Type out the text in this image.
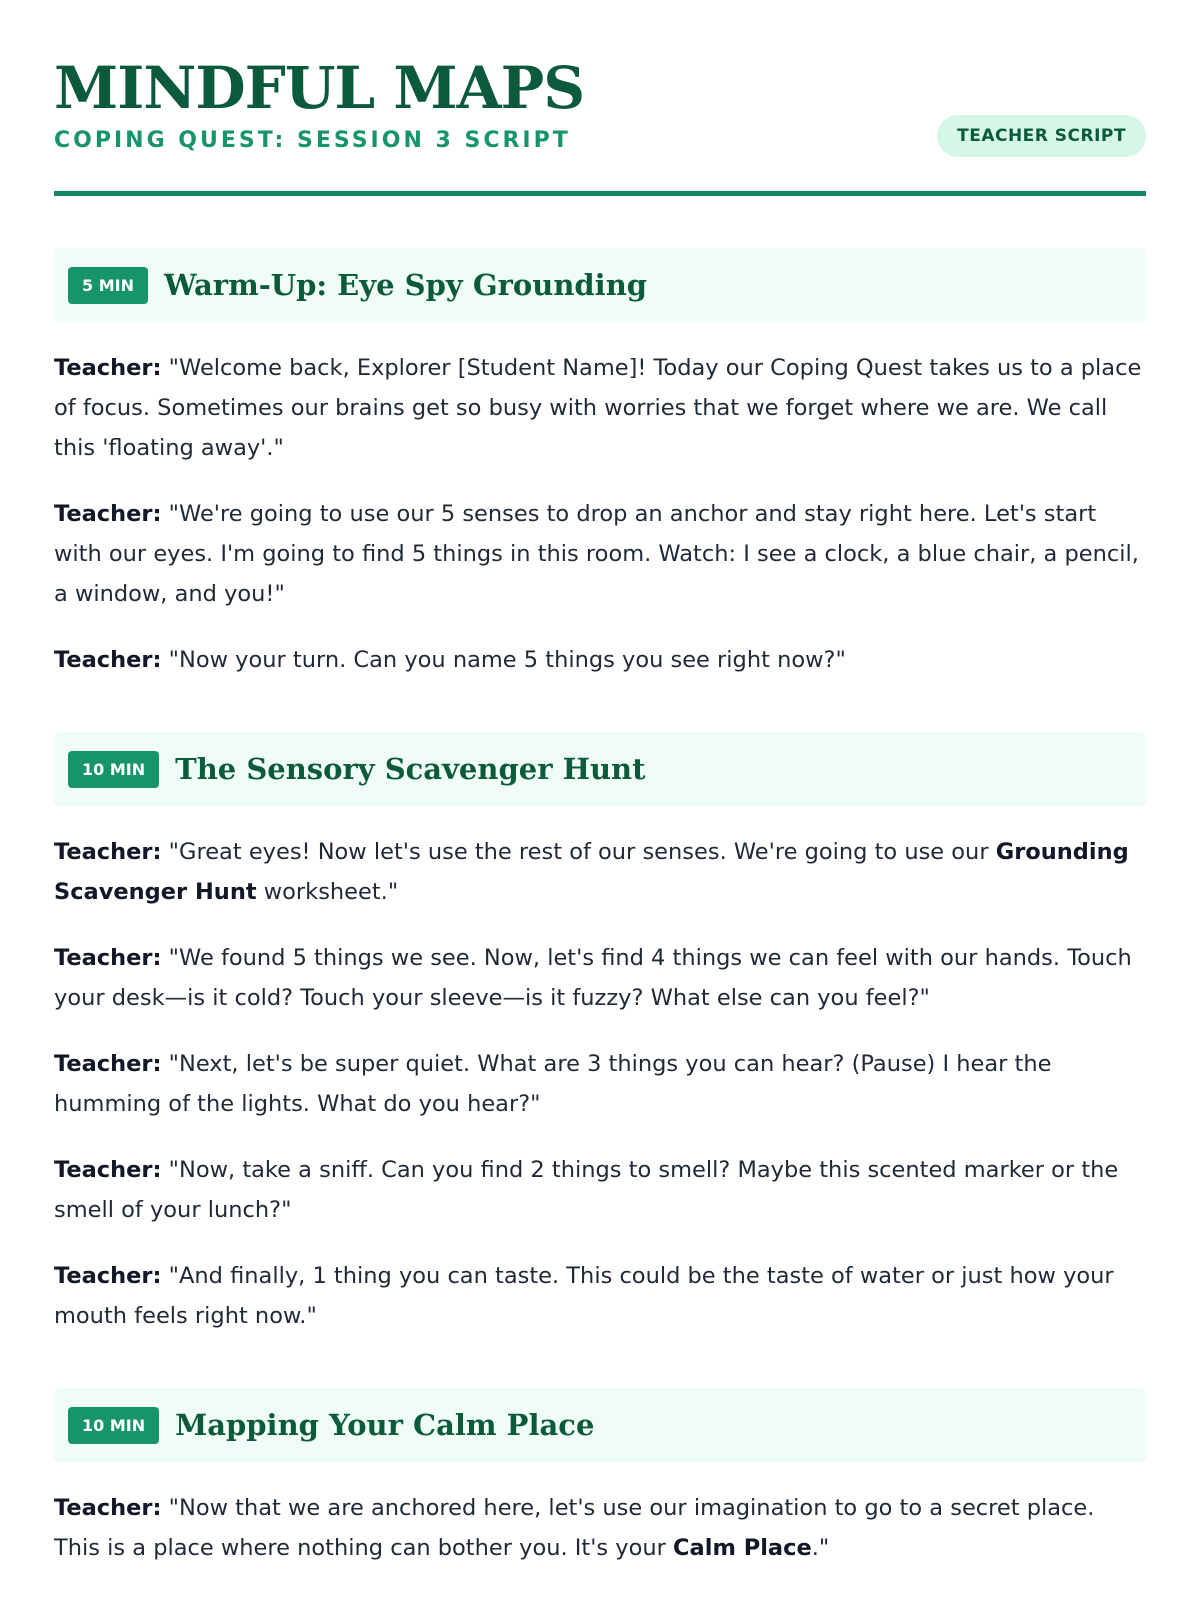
MINDFUL MAPS
COPING QUEST: SESSION 3 SCRIPT	TEACHER SCRIPT
5 MIN	Warm-Up: Eye Spy Grounding

Teacher: "Welcome back, Explorer [Student Name]! Today our Coping Quest takes us to a place of focus. Sometimes our brains get so busy with worries that we forget where we are. We call this 'floating away'."

Teacher: "We're going to use our 5 senses to drop an anchor and stay right here. Let's start with our eyes. I'm going to find 5 things in this room. Watch: I see a clock, a blue chair, a pencil, a window, and you!"

Teacher: "Now your turn. Can you name 5 things you see right now?"

10 MIN	The Sensory Scavenger Hunt

Teacher: "Great eyes! Now let's use the rest of our senses. We're going to use our Grounding Scavenger Hunt worksheet."

Teacher: "We found 5 things we see. Now, let's find 4 things we can feel with our hands. Touch your desk—is it cold? Touch your sleeve—is it fuzzy? What else can you feel?"

Teacher: "Next, let's be super quiet. What are 3 things you can hear? (Pause) I hear the humming of the lights. What do you hear?"

Teacher: "Now, take a sniff. Can you find 2 things to smell? Maybe this scented marker or the smell of your lunch?"

Teacher: "And finally, 1 thing you can taste. This could be the taste of water or just how your mouth feels right now."

10 MIN	Mapping Your Calm Place

Teacher: "Now that we are anchored here, let's use our imagination to go to a secret place. This is a place where nothing can bother you. It's your Calm Place."
